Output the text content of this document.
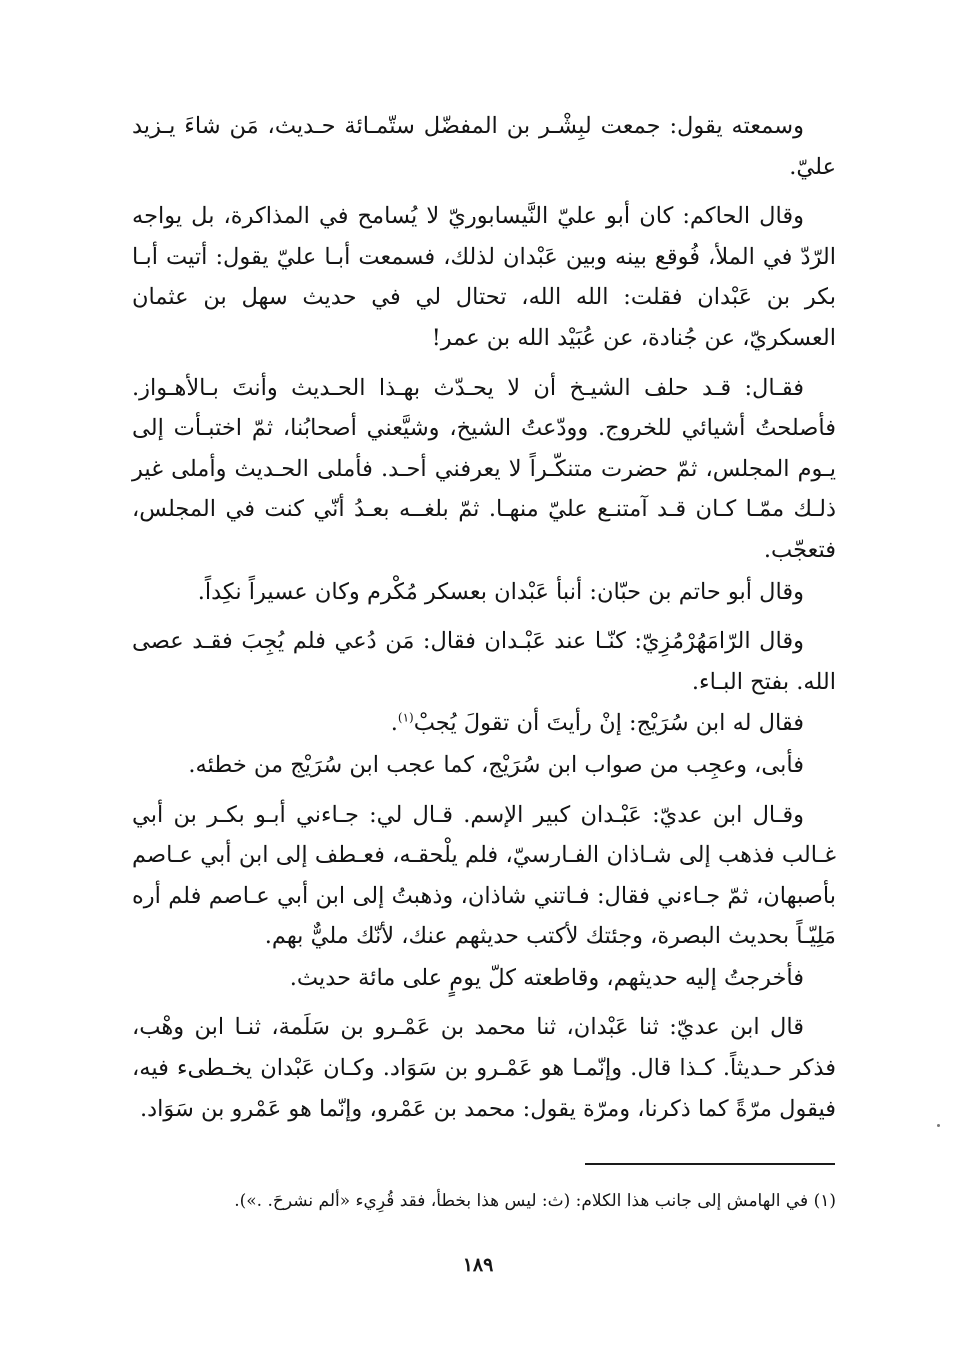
وسمعته يقول: جمعت لبِشْـر بن المفضّل ستّمـائة حـديث، مَن شاءَ يـزيد عليّ.

وقال الحاكم: كان أبو عليّ النَّيسابوريّ لا يُسامح في المذاكرة، بل يواجه الرّدّ في الملأ، فُوقع بينه وبين عَبْدان لذلك، فسمعت أبـا عليّ يقول: أتيت أبـا بكر بن عَبْدان فقلت: الله الله، تحتال لي في حديث سهل بن عثمان العسكريّ، عن جُنادة، عن عُبَيْد الله بن عمر!

فقـال: قـد حلف الشيـخ أن لا يحـدّث بهـذا الحـديث وأنتَ بـالأهـواز. فأصلحتُ أشيائي للخروج. وودّعتُ الشيخ، وشيَّعني أصحابُنا، ثمّ اختبـأت إلى يـوم المجلس، ثمّ حضرت متنكّـراً لا يعرفني أحـد. فأملى الحـديث وأملى غير ذلـك ممّـا كـان قـد آمتنـع عليّ منهـا. ثمّ بلغــه بعـدُ أنّي كنت في المجلس، فتعجّب.

وقال أبو حاتم بن حبّان: أنبأ عَبْدان بعسكر مُكْرم وكان عسيراً نكِداً.

وقال الرّامَهُرْمُزِيّ: كنّـا عند عَبْـدان فقال: مَن دُعي فلم يُجِبَ فقـد عصى الله. بفتح البـاء.

فقال له ابن سُرَيْج: إنْ رأيتَ أن تقولَ يُجبْ$^{(١)}$.

فأبى، وعجِب من صواب ابن سُرَيْج، كما عجب ابن سُرَيْج من خطئه.

وقـال ابن عديّ: عَبْـدان كبير الإسم. قـال لي: جـاءني أبـو بكـر بن أبي غـالب فذهب إلى شـاذان الفـارسيّ، فلم يلْحقـه، فعـطف إلى ابن أبي عـاصم بأصبهان، ثمّ جـاءني فقال: فـاتني شاذان، وذهبتُ إلى ابن أبي عـاصم فلم أره مَلِيّـاً بحديث البصرة، وجئتك لأكتب حديثهم عنك، لأنّك مليٌّ بهم.

فأخرجتُ إليه حديثهم، وقاطعته كلّ يومٍ على مائة حديث.

قال ابن عديّ: ثنا عَبْدان، ثنا محمد بن عَمْـرو بن سَلَمة، ثنـا ابن وهْب، فذكر حـديثاً. كـذا قال. وإنّمـا هو عَمْـرو بن سَوَاد. وكـان عَبْدان يخـطىء فيه، فيقول مرّةً كما ذكرنا، ومرّة يقول: محمد بن عَمْرو، وإنّما هو عَمْرو بن سَوَاد.

(١) في الهامش إلى جانب هذا الكلام: (ث: ليس هذا بخطأ، فقد قُرِيء «ألم نشرحَ. .»).
١٨٩
